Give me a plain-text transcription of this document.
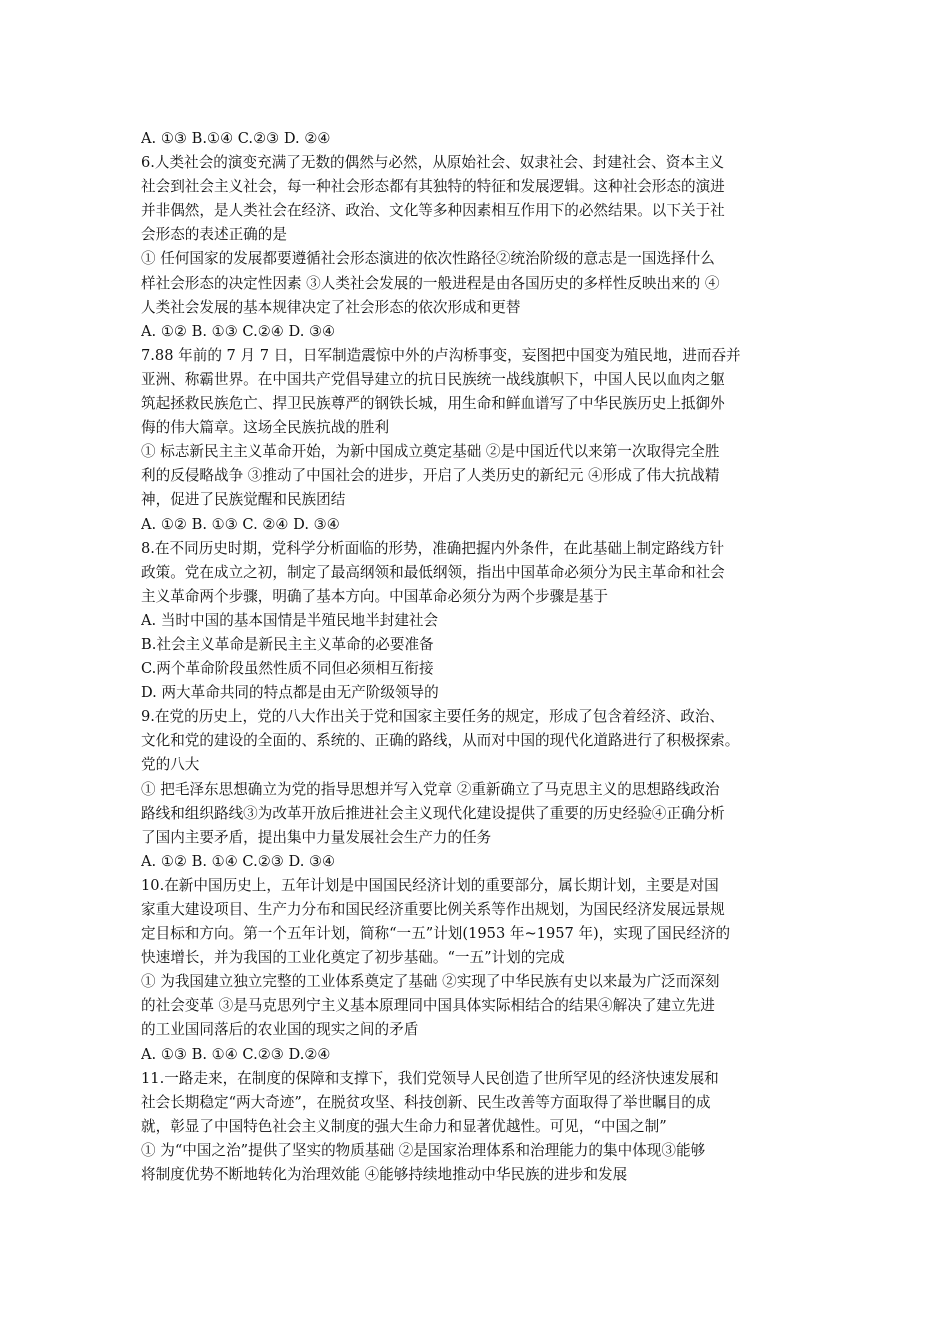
A. ①③ B.①④ C.②③ D. ②④
6.人类社会的演变充满了无数的偶然与必然，从原始社会、奴隶社会、封建社会、资本主义
社会到社会主义社会，每一种社会形态都有其独特的特征和发展逻辑。这种社会形态的演进
并非偶然，是人类社会在经济、政治、文化等多种因素相互作用下的必然结果。以下关于社
会形态的表述正确的是
① 任何国家的发展都要遵循社会形态演进的依次性路径②统治阶级的意志是一国选择什么
样社会形态的决定性因素 ③人类社会发展的一般进程是由各国历史的多样性反映出来的 ④
人类社会发展的基本规律决定了社会形态的依次形成和更替
A. ①② B. ①③ C.②④ D. ③④
7.88 年前的 7 月 7 日，日军制造震惊中外的卢沟桥事变，妄图把中国变为殖民地，进而吞并
亚洲、称霸世界。在中国共产党倡导建立的抗日民族统一战线旗帜下，中国人民以血肉之躯
筑起拯救民族危亡、捍卫民族尊严的钢铁长城，用生命和鲜血谱写了中华民族历史上抵御外
侮的伟大篇章。这场全民族抗战的胜利
① 标志新民主主义革命开始，为新中国成立奠定基础 ②是中国近代以来第一次取得完全胜
利的反侵略战争 ③推动了中国社会的进步，开启了人类历史的新纪元 ④形成了伟大抗战精
神，促进了民族觉醒和民族团结
A. ①② B. ①③ C. ②④ D. ③④
8.在不同历史时期，党科学分析面临的形势，准确把握内外条件，在此基础上制定路线方针
政策。党在成立之初，制定了最高纲领和最低纲领，指出中国革命必须分为民主革命和社会
主义革命两个步骤，明确了基本方向。中国革命必须分为两个步骤是基于
A. 当时中国的基本国情是半殖民地半封建社会
B.社会主义革命是新民主主义革命的必要准备
C.两个革命阶段虽然性质不同但必须相互衔接
D. 两大革命共同的特点都是由无产阶级领导的
9.在党的历史上，党的八大作出关于党和国家主要任务的规定，形成了包含着经济、政治、
文化和党的建设的全面的、系统的、正确的路线，从而对中国的现代化道路进行了积极探索。
党的八大
① 把毛泽东思想确立为党的指导思想并写入党章 ②重新确立了马克思主义的思想路线政治
路线和组织路线③为改革开放后推进社会主义现代化建设提供了重要的历史经验④正确分析
了国内主要矛盾，提出集中力量发展社会生产力的任务
A. ①② B. ①④ C.②③ D. ③④
10.在新中国历史上，五年计划是中国国民经济计划的重要部分，属长期计划，主要是对国
家重大建设项目、生产力分布和国民经济重要比例关系等作出规划，为国民经济发展远景规
定目标和方向。第一个五年计划，简称“一五”计划(1953 年~1957 年)，实现了国民经济的
快速增长，并为我国的工业化奠定了初步基础。“一五”计划的完成
① 为我国建立独立完整的工业体系奠定了基础 ②实现了中华民族有史以来最为广泛而深刻
的社会变革 ③是马克思列宁主义基本原理同中国具体实际相结合的结果④解决了建立先进
的工业国同落后的农业国的现实之间的矛盾
A. ①③ B. ①④ C.②③ D.②④
11.一路走来，在制度的保障和支撑下，我们党领导人民创造了世所罕见的经济快速发展和
社会长期稳定“两大奇迹”，在脱贫攻坚、科技创新、民生改善等方面取得了举世瞩目的成
就，彰显了中国特色社会主义制度的强大生命力和显著优越性。可见，“中国之制”
① 为“中国之治”提供了坚实的物质基础 ②是国家治理体系和治理能力的集中体现③能够
将制度优势不断地转化为治理效能 ④能够持续地推动中华民族的进步和发展
